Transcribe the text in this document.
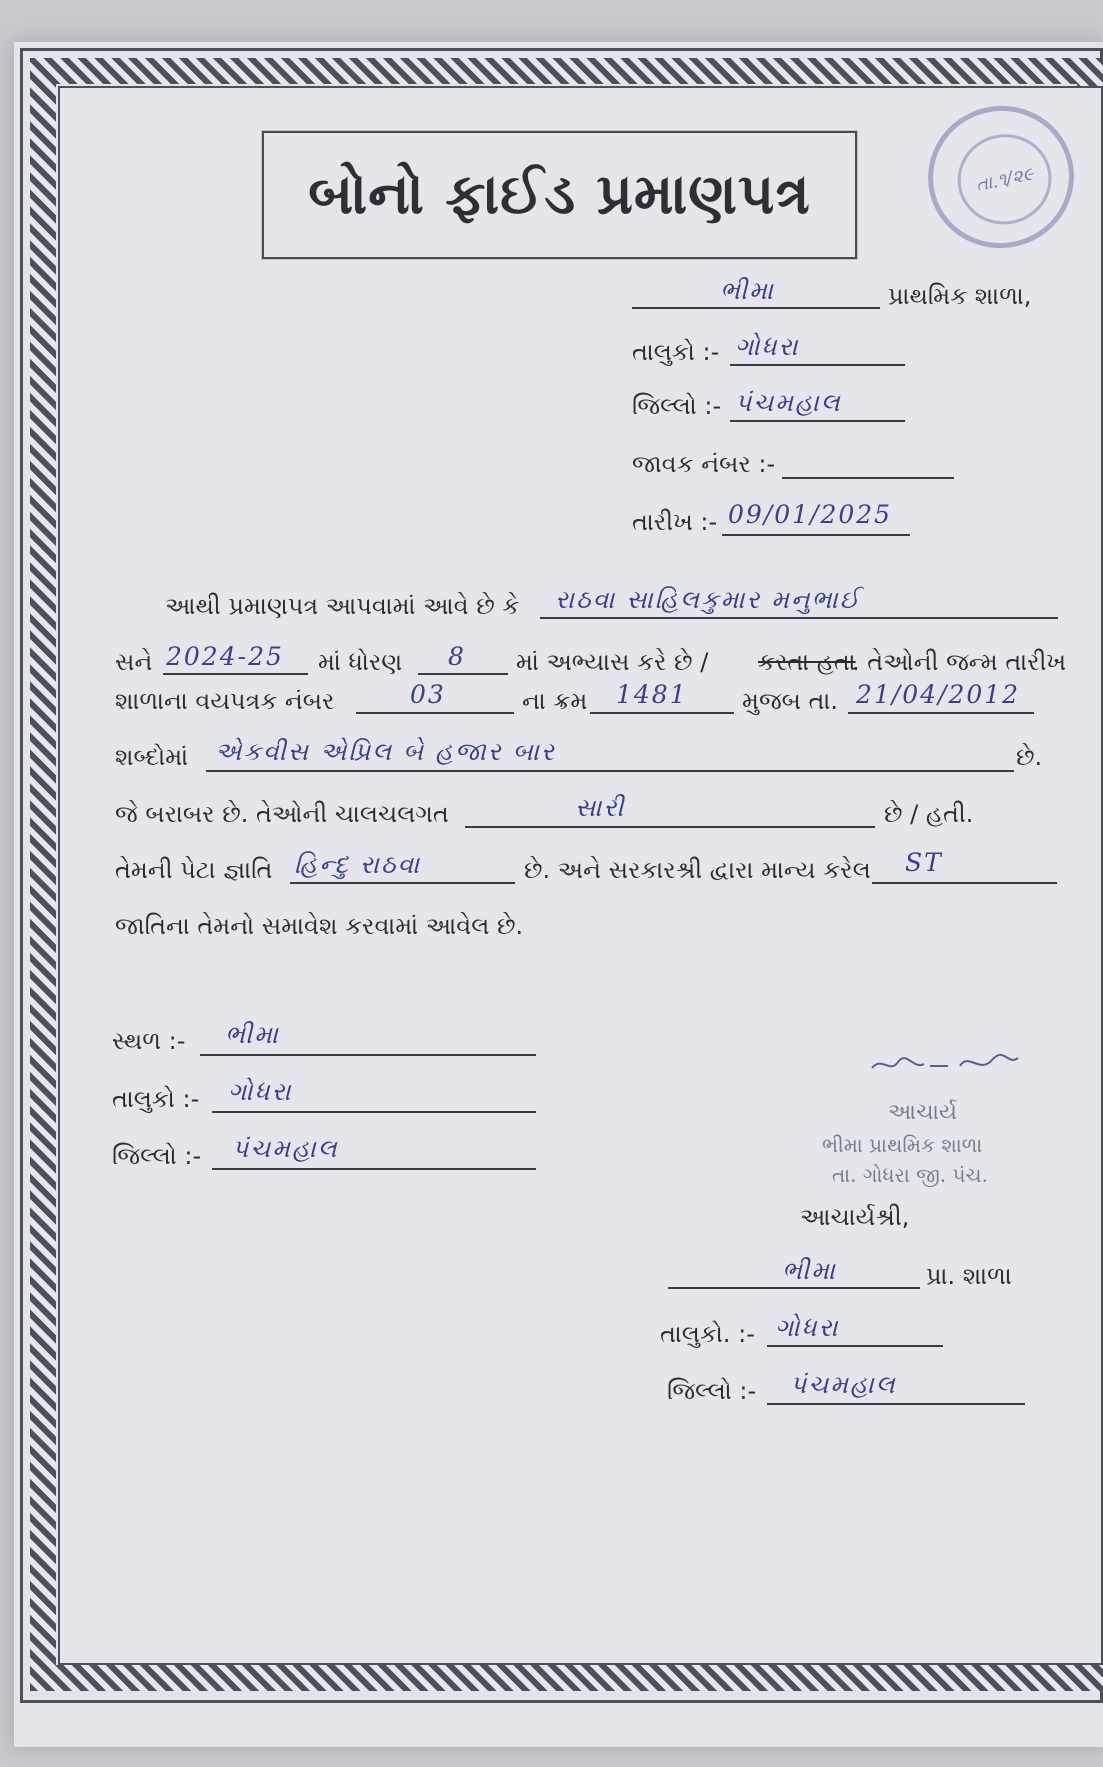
બોનો ફાઈડ પ્રમાણપત્ર	તા.૧/૨૯
ભીમા	પ્રાથમિક શાળા,
તાલુકો :- ગોધરા
જિલ્લો :- પંચમહાલ
જાવક નંબર :-
તારીખ :- 09/01/2025
આથી પ્રમાણપત્ર આપવામાં આવે છે કે રાઠવા સાહિલકુમાર મનુભાઈ
સને 2024-25 માં ધોરણ 8 માં અભ્યાસ કરે છે / કરતા હતા
. તેઓની જન્મ તારીખ
શાળાના વયપત્રક નંબર	03	ના ક્રમ 1481 મુજબ તા. 21/04/2012
શબ્દોમાં એકવીસ એપ્રિલ બે હજાર બાર	છે.
જે બરાબર છે. તેઓની ચાલચલગત	સારી	છે / હતી.
તેમની પેટા જ્ઞાતિ હિન્દુ રાઠવા	છે. અને સરકારશ્રી દ્વારા માન્ય કરેલ ST
જાતિના તેમનો સમાવેશ કરવામાં આવેલ છે.
સ્થળ :- ભીમા
તાલુકો :- ગોધરા
જિલ્લો :- પંચમહાલ
આચાર્ય
ભીમા પ્રાથમિક શાળા
તા. ગોધરા જી. પંચ.
આચાર્યશ્રી,
ભીમા	પ્રા. શાળા
તાલુકો. :- ગોધરા
જિલ્લો :- પંચમહાલ
